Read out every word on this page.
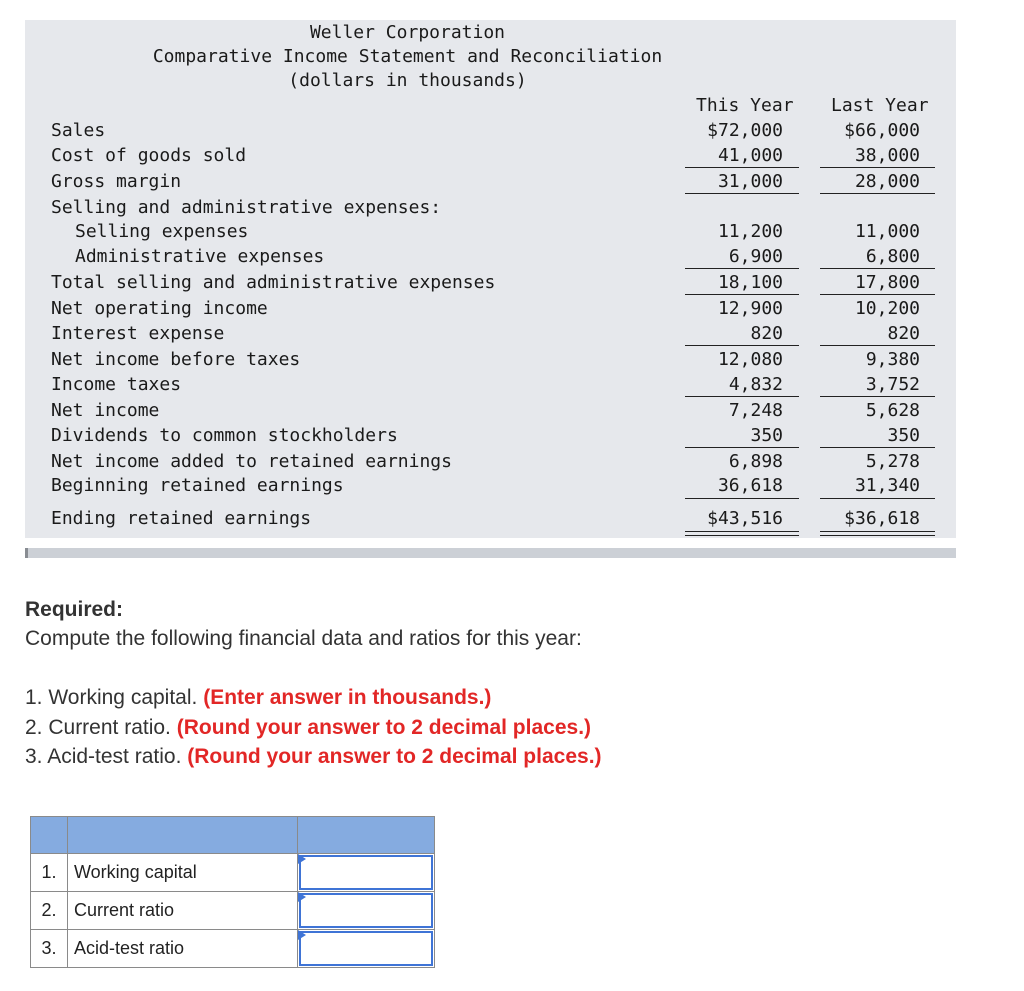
Weller Corporation
Comparative Income Statement and Reconciliation
(dollars in thousands)
This Year Last Year
Sales	$72,000	$66,000
Cost of goods sold	41,000	38,000
Gross margin	31,000	28,000
Selling and administrative expenses:
Selling expenses	11,200	11,000
Administrative expenses	6,900	6,800
Total selling and administrative expenses	18,100	17,800
Net operating income	12,900	10,200
Interest expense	820	820
Net income before taxes	12,080	9,380
Income taxes	4,832	3,752
Net income	7,248	5,628
Dividends to common stockholders	350	350
Net income added to retained earnings	6,898	5,278
Beginning retained earnings	36,618	31,340
Ending retained earnings	$43,516	$36,618
Required:
Compute the following financial data and ratios for this year:
1. Working capital. (Enter answer in thousands.)
2. Current ratio. (Round your answer to 2 decimal places.)
3. Acid-test ratio. (Round your answer to 2 decimal places.)

1.	Working capital	

2.	Current ratio	

3.	Acid-test ratio	
